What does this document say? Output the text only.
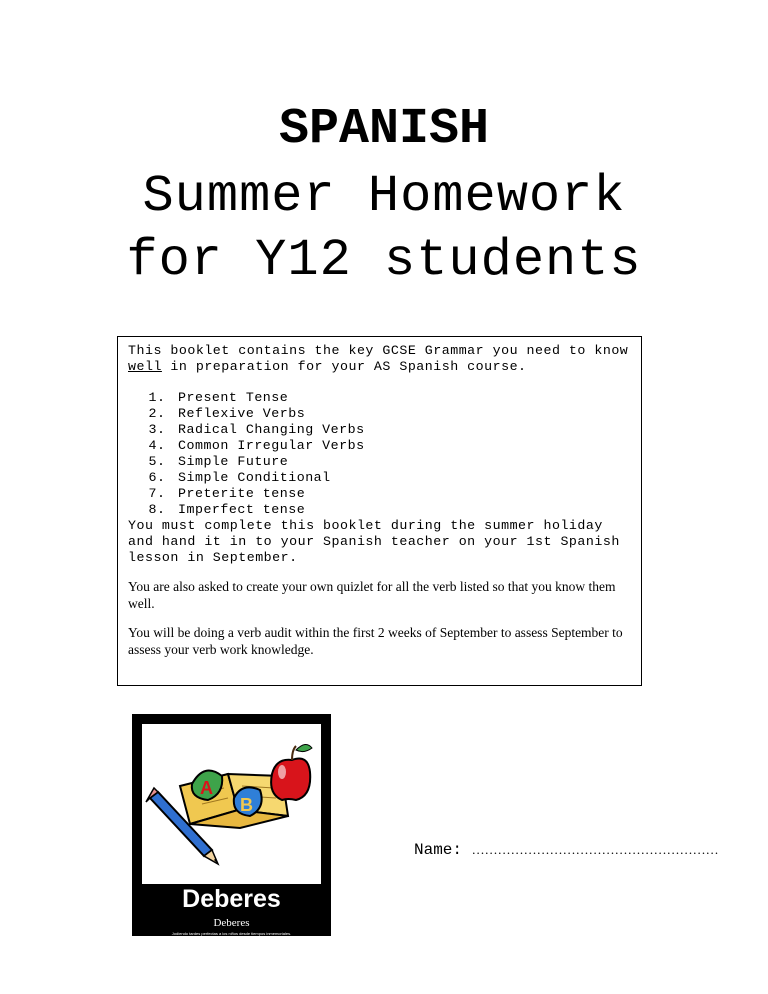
SPANISH
Summer Homework
for Y12 students
This booklet contains the key GCSE Grammar you need to know well in preparation for your AS Spanish course.
1. Present Tense
2. Reflexive Verbs
3. Radical Changing Verbs
4. Common Irregular Verbs
5. Simple Future
6. Simple Conditional
7. Preterite tense
8. Imperfect tense
You must complete this booklet during the summer holiday and hand it in to your Spanish teacher on your 1st Spanish lesson in September.

You are also asked to create your own quizlet for all the verb listed so that you know them well.

You will be doing a verb audit within the first 2 weeks of September to assess September to assess your verb work knowledge.

A
B
Deberes
Deberes
Jodiendo tardes perfectas a los niños desde tiempos inmemoriales.
Name: …………………………………………………
